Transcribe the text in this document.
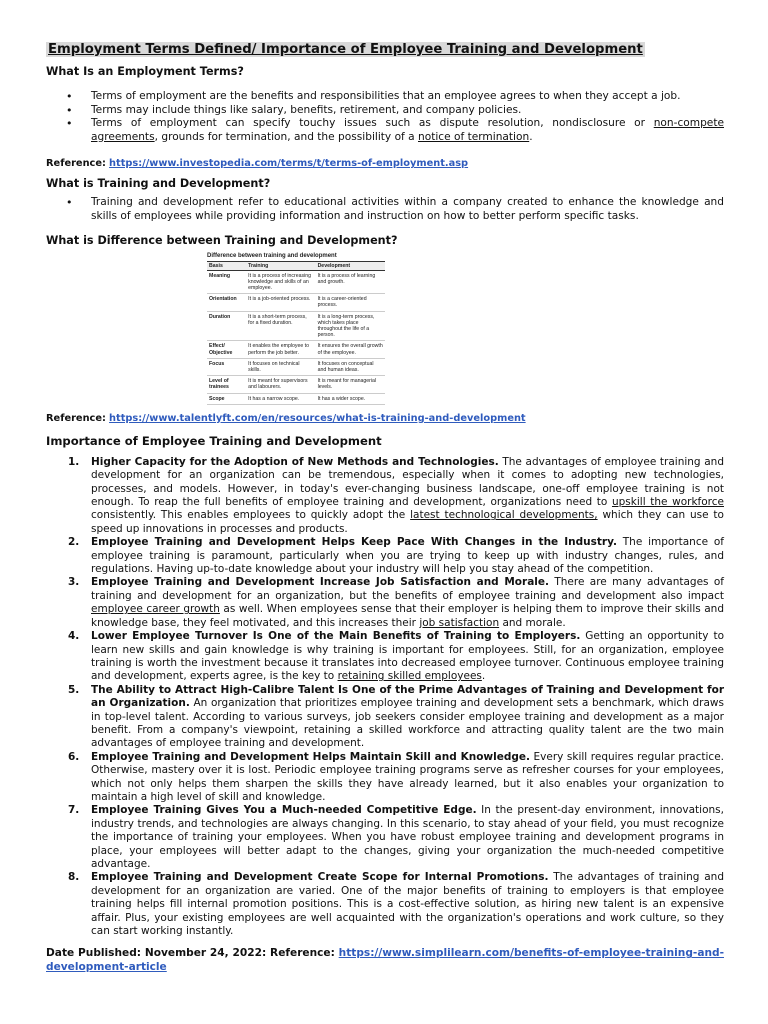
Employment Terms Defined/ Importance of Employee Training and Development
What Is an Employment Terms?
• Terms of employment are the benefits and responsibilities that an employee agrees to when they accept a job.
• Terms may include things like salary, benefits, retirement, and company policies.
• Terms of employment can specify touchy issues such as dispute resolution, nondisclosure or non-compete agreements, grounds for termination, and the possibility of a notice of termination.
Reference: https://www.investopedia.com/terms/t/terms-of-employment.asp
What is Training and Development?
• Training and development refer to educational activities within a company created to enhance the knowledge and skills of employees while providing information and instruction on how to better perform specific tasks.
What is Difference between Training and Development?
Difference between training and development
Basis	Training	Development
Meaning	It is a process of increasing knowledge and skills of an employee.	It is a process of learning and growth.
Orientation	It is a job-oriented process.	It is a career-oriented process.
Duration	It is a short-term process, for a fixed duration.	It is a long-term process, which takes place throughout the life of a person.
Effect/ Objective	It enables the employee to perform the job better.	It ensures the overall growth of the employee.
Focus	It focuses on technical skills.	It focuses on conceptual and human ideas.
Level of trainees	It is meant for supervisors and labourers.	It is meant for managerial levels.
Scope	It has a narrow scope.	It has a wider scope.
Reference: https://www.talentlyft.com/en/resources/what-is-training-and-development
Importance of Employee Training and Development
1. Higher Capacity for the Adoption of New Methods and Technologies. The advantages of employee training and development for an organization can be tremendous, especially when it comes to adopting new technologies, processes, and models. However, in today's ever-changing business landscape, one-off employee training is not enough. To reap the full benefits of employee training and development, organizations need to upskill the workforce consistently. This enables employees to quickly adopt the latest technological developments, which they can use to speed up innovations in processes and products.
2. Employee Training and Development Helps Keep Pace With Changes in the Industry. The importance of employee training is paramount, particularly when you are trying to keep up with industry changes, rules, and regulations. Having up-to-date knowledge about your industry will help you stay ahead of the competition.
3. Employee Training and Development Increase Job Satisfaction and Morale. There are many advantages of training and development for an organization, but the benefits of employee training and development also impact employee career growth as well. When employees sense that their employer is helping them to improve their skills and knowledge base, they feel motivated, and this increases their job satisfaction and morale.
4. Lower Employee Turnover Is One of the Main Benefits of Training to Employers. Getting an opportunity to learn new skills and gain knowledge is why training is important for employees. Still, for an organization, employee training is worth the investment because it translates into decreased employee turnover. Continuous employee training and development, experts agree, is the key to retaining skilled employees.
5. The Ability to Attract High-Calibre Talent Is One of the Prime Advantages of Training and Development for an Organization. An organization that prioritizes employee training and development sets a benchmark, which draws in top-level talent. According to various surveys, job seekers consider employee training and development as a major benefit. From a company's viewpoint, retaining a skilled workforce and attracting quality talent are the two main advantages of employee training and development.
6. Employee Training and Development Helps Maintain Skill and Knowledge. Every skill requires regular practice. Otherwise, mastery over it is lost. Periodic employee training programs serve as refresher courses for your employees, which not only helps them sharpen the skills they have already learned, but it also enables your organization to maintain a high level of skill and knowledge.
7. Employee Training Gives You a Much-needed Competitive Edge. In the present-day environment, innovations, industry trends, and technologies are always changing. In this scenario, to stay ahead of your field, you must recognize the importance of training your employees. When you have robust employee training and development programs in place, your employees will better adapt to the changes, giving your organization the much-needed competitive advantage.
8. Employee Training and Development Create Scope for Internal Promotions. The advantages of training and development for an organization are varied. One of the major benefits of training to employers is that employee training helps fill internal promotion positions. This is a cost-effective solution, as hiring new talent is an expensive affair. Plus, your existing employees are well acquainted with the organization's operations and work culture, so they can start working instantly.
Date Published: November 24, 2022: Reference: https://www.simplilearn.com/benefits-of-employee-training-and-development-article
